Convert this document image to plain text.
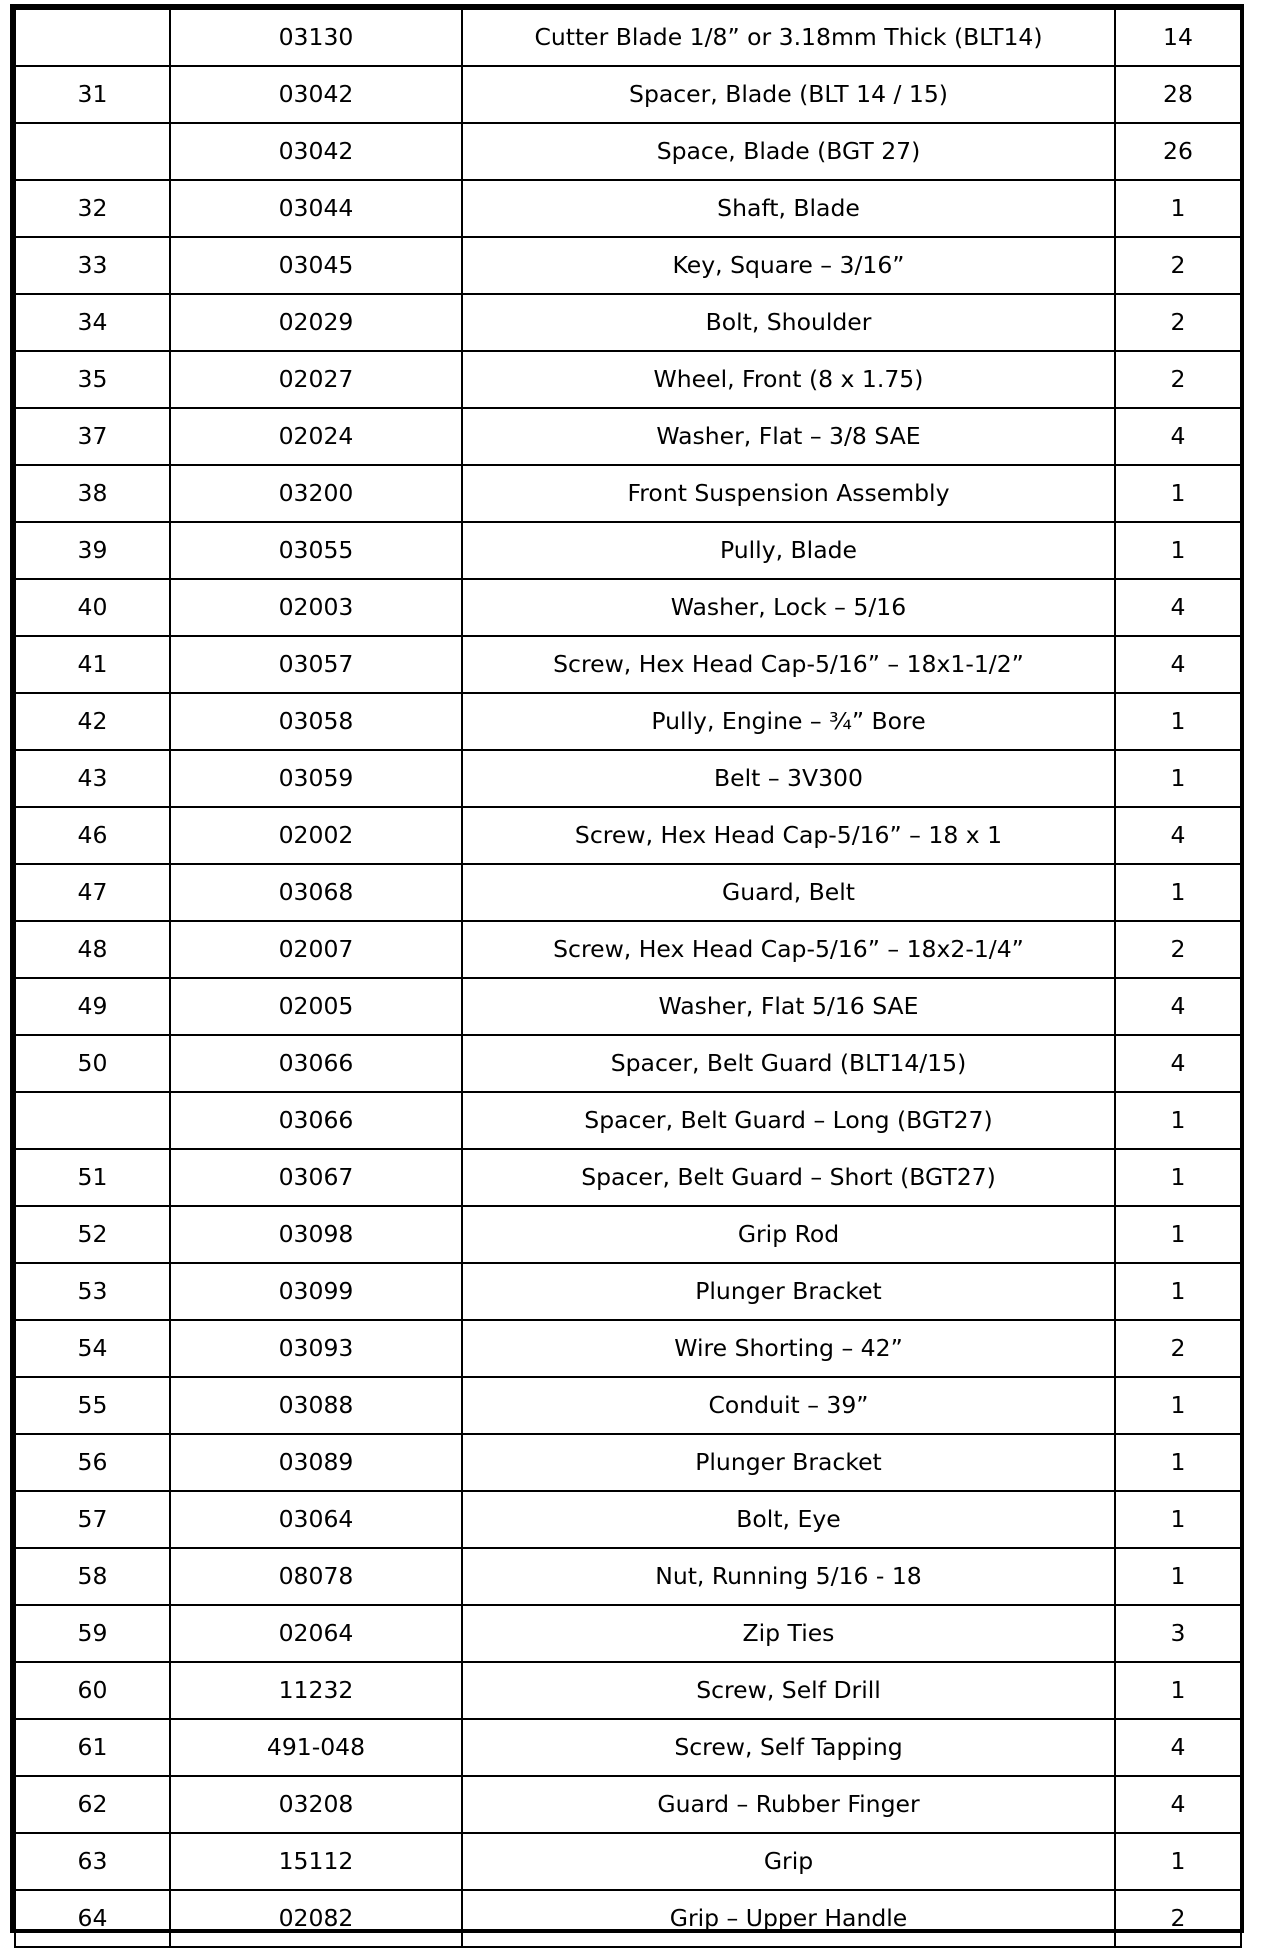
	03130	Cutter Blade 1/8” or 3.18mm Thick (BLT14)	14
31	03042	Spacer, Blade (BLT 14 / 15)	28
	03042	Space, Blade (BGT 27)	26
32	03044	Shaft, Blade	1
33	03045	Key, Square – 3/16”	2
34	02029	Bolt, Shoulder	2
35	02027	Wheel, Front (8 x 1.75)	2
37	02024	Washer, Flat – 3/8 SAE	4
38	03200	Front Suspension Assembly	1
39	03055	Pully, Blade	1
40	02003	Washer, Lock – 5/16	4
41	03057	Screw, Hex Head Cap-5/16” – 18x1-1/2”	4
42	03058	Pully, Engine – ¾” Bore	1
43	03059	Belt – 3V300	1
46	02002	Screw, Hex Head Cap-5/16” – 18 x 1	4
47	03068	Guard, Belt	1
48	02007	Screw, Hex Head Cap-5/16” – 18x2-1/4”	2
49	02005	Washer, Flat 5/16 SAE	4
50	03066	Spacer, Belt Guard (BLT14/15)	4
	03066	Spacer, Belt Guard – Long (BGT27)	1
51	03067	Spacer, Belt Guard – Short (BGT27)	1
52	03098	Grip Rod	1
53	03099	Plunger Bracket	1
54	03093	Wire Shorting – 42”	2
55	03088	Conduit – 39”	1
56	03089	Plunger Bracket	1
57	03064	Bolt, Eye	1
58	08078	Nut, Running 5/16 - 18	1
59	02064	Zip Ties	3
60	11232	Screw, Self Drill	1
61	491-048	Screw, Self Tapping	4
62	03208	Guard – Rubber Finger	4
63	15112	Grip	1
64	02082	Grip – Upper Handle	2
